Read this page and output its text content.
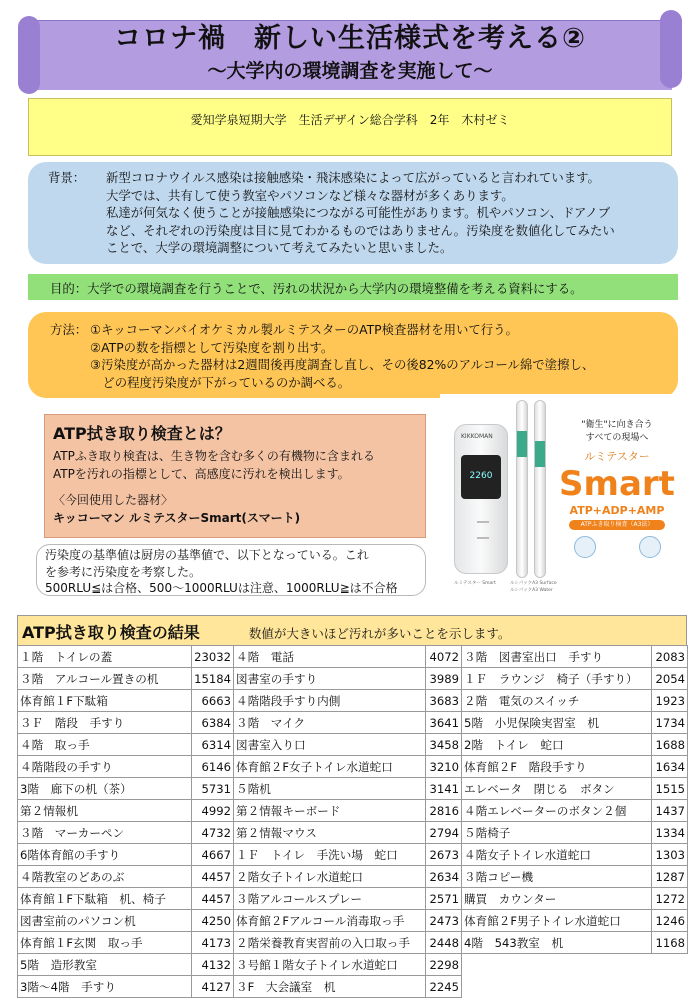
コロナ禍　新しい生活様式を考える②
～大学内の環境調査を実施して～
愛知学泉短期大学　生活デザイン総合学科　2年　木村ゼミ
背景： 新型コロナウイルス感染は接触感染・飛沫感染によって広がっていると言われています。
大学では、共有して使う教室やパソコンなど様々な器材が多くあります。
私達が何気なく使うことが接触感染につながる可能性があります。机やパソコン、ドアノブ
など、それぞれの汚染度は目に見てわかるものではありません。汚染度を数値化してみたい
ことで、大学の環境調整について考えてみたいと思いました。
目的：大学での環境調査を行うことで、汚れの状況から大学内の環境整備を考える資料にする。
方法： ①キッコーマンバイオケミカル製ルミテスターのATP検査器材を用いて行う。
②ATPの数を指標として汚染度を割り出す。
③汚染度が高かった器材は2週間後再度調査し直し、その後82%のアルコール綿で塗擦し、
　どの程度汚染度が下がっているのか調べる。
ATP拭き取り検査とは？
ATPふき取り検査は、生き物を含む多くの有機物に含まれる
ATPを汚れの指標として、高感度に汚れを検出します。
〈今回使用した器材〉
キッコーマン ルミテスターSmart(スマート)
汚染度の基準値は厨房の基準値で、以下となっている。これ
を参考に汚染度を考察した。
500RLU≦は合格、500～1000RLUは注意、1000RLU≧は不合格
KIKKOMAN
2260
"衛生"に向き合う
すべての現場へ
ルミテスター
Smart
ATP+ADP+AMP
ATPふき取り検査（A3法）
ルミテスター Smart	ルシパックA3 Surface
ルシパックA3 Water
ATP拭き取り検査の結果	数値が大きいほど汚れが多いことを示します。
１階　トイレの蓋	23032	４階　電話	4072	３階　図書室出口　手すり	2083
３階　アルコール置きの机	15184	図書室の手すり	3989	１Ｆ　ラウンジ　椅子（手すり）	2054
体育館１F下駄箱	6663	４階階段手すり内側	3683	２階　電気のスイッチ	1923
３Ｆ　階段　手すり	6384	３階　マイク	3641	5階　小児保険実習室　机	1734
４階　取っ手	6314	図書室入り口	3458	2階　トイレ　蛇口	1688
４階階段の手すり	6146	体育館２F女子トイレ水道蛇口	3210	体育館２F　階段手すり	1634
3階　廊下の机（茶）	5731	５階机	3141	エレベータ　閉じる　ボタン	1515
第２情報机	4992	第２情報キーボード	2816	４階エレベーターのボタン２個	1437
３階　マーカーペン	4732	第２情報マウス	2794	５階椅子	1334
6階体育館の手すり	4667	１Ｆ　トイレ　手洗い場　蛇口	2673	４階女子トイレ水道蛇口	1303
４階教室のどあのぶ	4457	２階女子トイレ水道蛇口	2634	３階コピー機	1287
体育館１F下駄箱　机、椅子	4457	３階アルコールスプレー	2571	購買　カウンター	1272
図書室前のパソコン机	4250	体育館２Fアルコール消毒取っ手	2473	体育館２F男子トイレ水道蛇口	1246
体育館１F玄関　取っ手	4173	２階栄養教育実習前の入口取っ手	2448	4階　543教室　机	1168
5階　造形教室	4132	３号館１階女子トイレ水道蛇口	2298		
3階～4階　手すり	4127	３F　大会議室　机	2245		
